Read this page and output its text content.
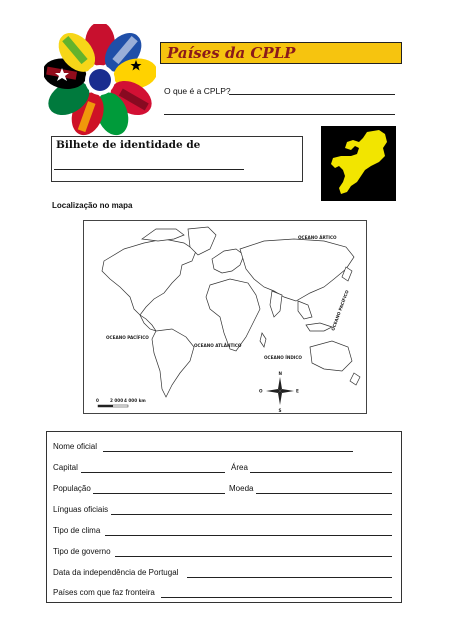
Países da CPLP
O que é a CPLP?
Bilhete de identidade de
Localização no mapa
OCEANO ÁRTICO
OCEANO PACÍFICO
OCEANO ATLÂNTICO
OCEANO ÍNDICO
OCEANO PACÍFICO
0	2 000 4 000 km
N
S
E
O
Nome oficial
Capital	Área
População	Moeda
Línguas oficiais
Tipo de clima
Tipo de governo
Data da independência de Portugal
Países com que faz fronteira
